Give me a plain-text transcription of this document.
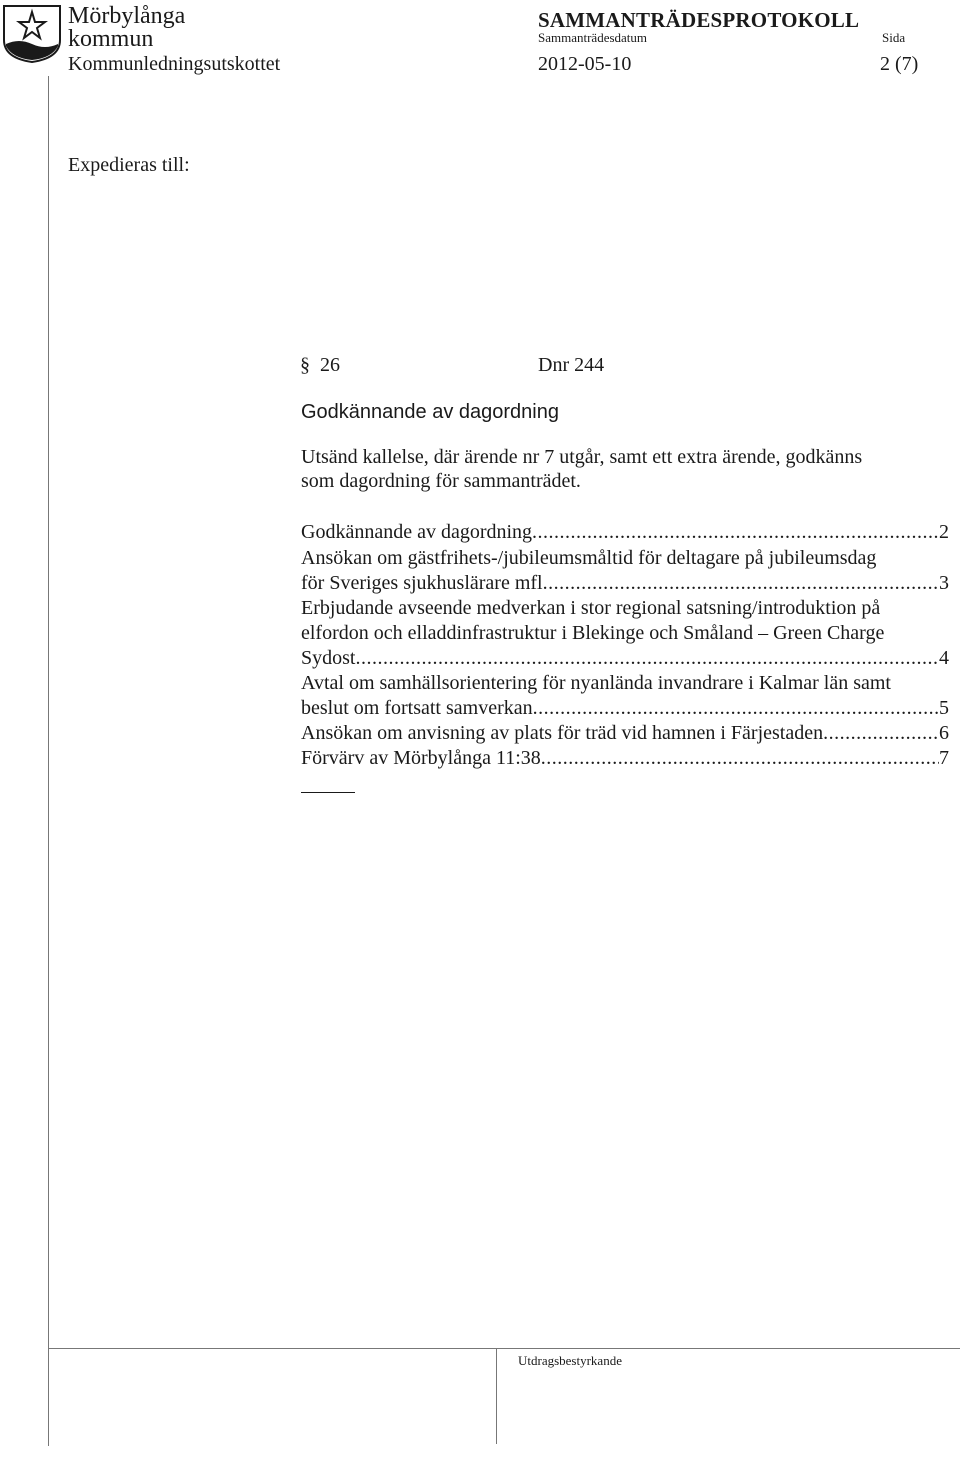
Mörbylånga
kommun
SAMMANTRÄDESPROTOKOLL
Sammanträdesdatum	Sida
Kommunledningsutskottet	2012-05-10	2 (7)
Expedieras till:
§ 26	Dnr 244
Godkännande av dagordning
Utsänd kallelse, där ärende nr 7 utgår, samt ett extra ärende, godkänns
som dagordning för sammanträdet.
Godkännande av dagordning .....	2
Ansökan om gästfrihets-/jubileumsmåltid för deltagare på jubileumsdag
för Sveriges sjukhuslärare mfl .....	3
Erbjudande avseende medverkan i stor regional satsning/introduktion på
elfordon och elladdinfrastruktur i Blekinge och Småland – Green Charge
Sydost .....	4
Avtal om samhällsorientering för nyanlända invandrare i Kalmar län samt
beslut om fortsatt samverkan .....	5
Ansökan om anvisning av plats för träd vid hamnen i Färjestaden .....	6
Förvärv av Mörbylånga 11:38 .....	7
Utdragsbestyrkande
